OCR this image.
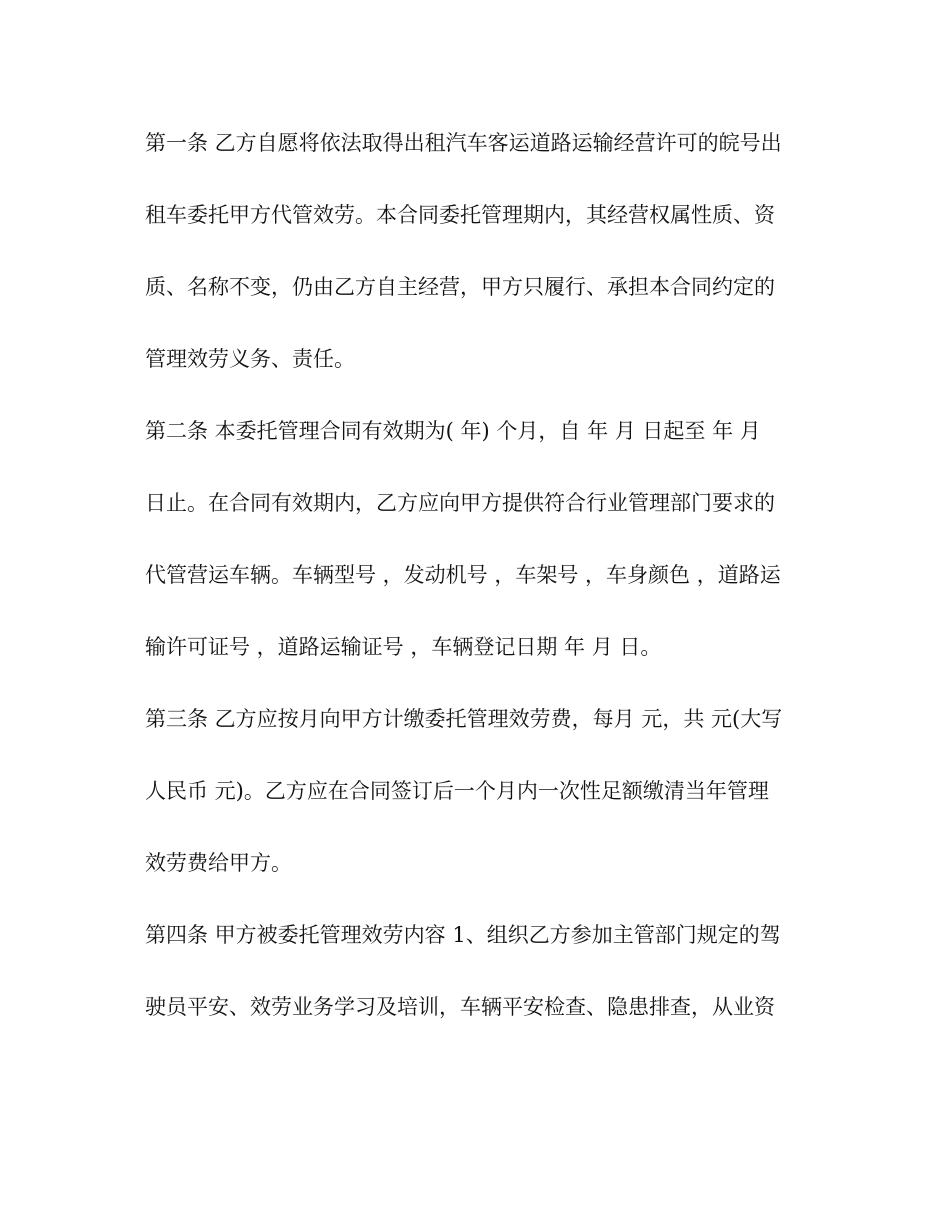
第一条 乙方自愿将依法取得出租汽车客运道路运输经营许可的皖号出

租车委托甲方代管效劳。本合同委托管理期内，其经营权属性质、资

质、名称不变，仍由乙方自主经营，甲方只履行、承担本合同约定的

管理效劳义务、责任。

第二条 本委托管理合同有效期为( 年) 个月，自 年 月 日起至 年 月

日止。在合同有效期内，乙方应向甲方提供符合行业管理部门要求的

代管营运车辆。车辆型号 ，发动机号 ，车架号 ，车身颜色 ，道路运

输许可证号 ，道路运输证号 ，车辆登记日期 年 月 日。

第三条 乙方应按月向甲方计缴委托管理效劳费，每月 元，共 元(大写

人民币 元)。乙方应在合同签订后一个月内一次性足额缴清当年管理

效劳费给甲方。

第四条 甲方被委托管理效劳内容 1、组织乙方参加主管部门规定的驾

驶员平安、效劳业务学习及培训，车辆平安检查、隐患排查，从业资
